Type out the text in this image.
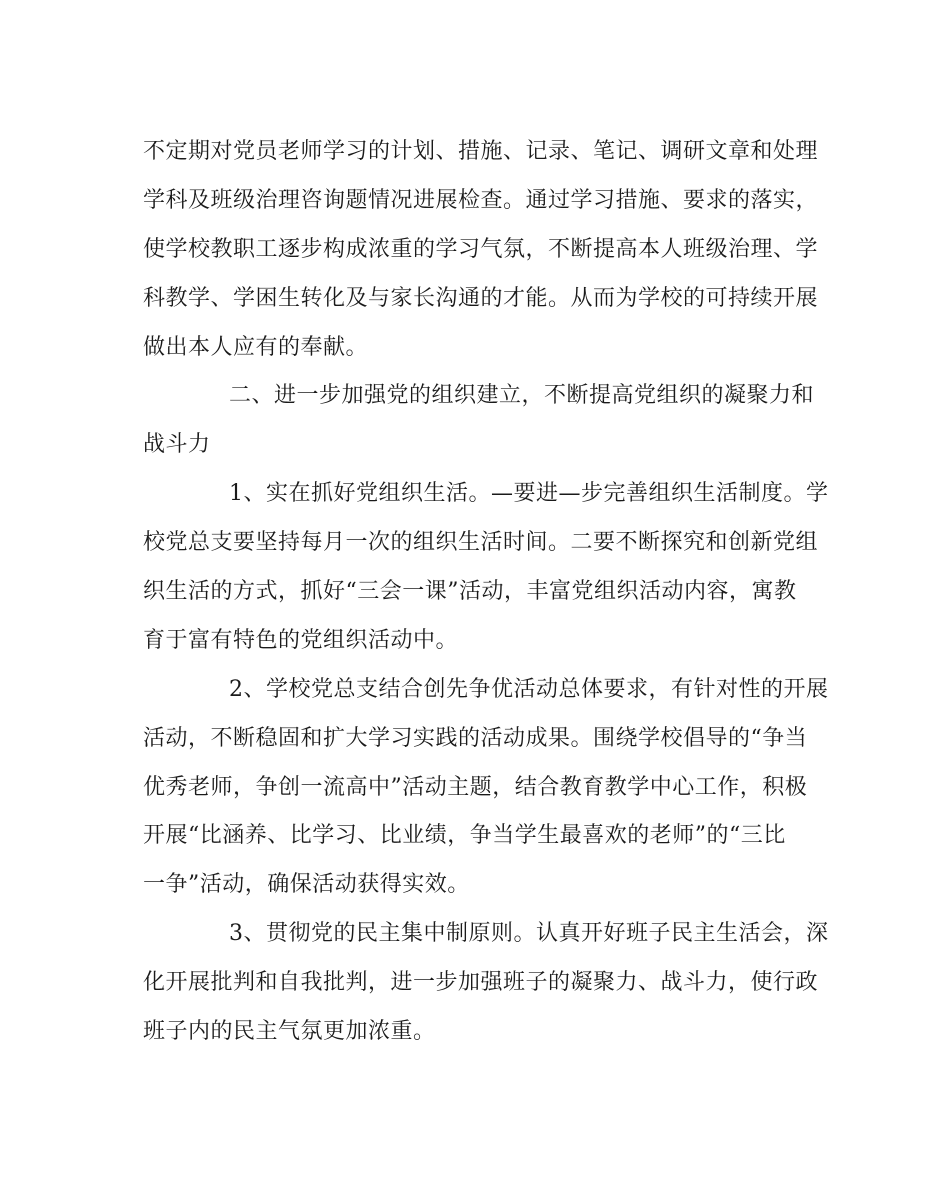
不定期对党员老师学习的计划、措施、记录、笔记、调研文章和处理
学科及班级治理咨询题情况进展检查。通过学习措施、要求的落实，
使学校教职工逐步构成浓重的学习气氛，不断提高本人班级治理、学
科教学、学困生转化及与家长沟通的才能。从而为学校的可持续开展
做出本人应有的奉献。
二、进一步加强党的组织建立，不断提高党组织的凝聚力和
战斗力
1、实在抓好党组织生活。—要进—步完善组织生活制度。学
校党总支要坚持每月一次的组织生活时间。二要不断探究和创新党组
织生活的方式，抓好“三会一课”活动，丰富党组织活动内容，寓教
育于富有特色的党组织活动中。
2、学校党总支结合创先争优活动总体要求，有针对性的开展
活动，不断稳固和扩大学习实践的活动成果。围绕学校倡导的“争当
优秀老师，争创一流高中”活动主题，结合教育教学中心工作，积极
开展“比涵养、比学习、比业绩，争当学生最喜欢的老师”的“三比
一争”活动，确保活动获得实效。
3、贯彻党的民主集中制原则。认真开好班子民主生活会，深
化开展批判和自我批判，进一步加强班子的凝聚力、战斗力，使行政
班子内的民主气氛更加浓重。
